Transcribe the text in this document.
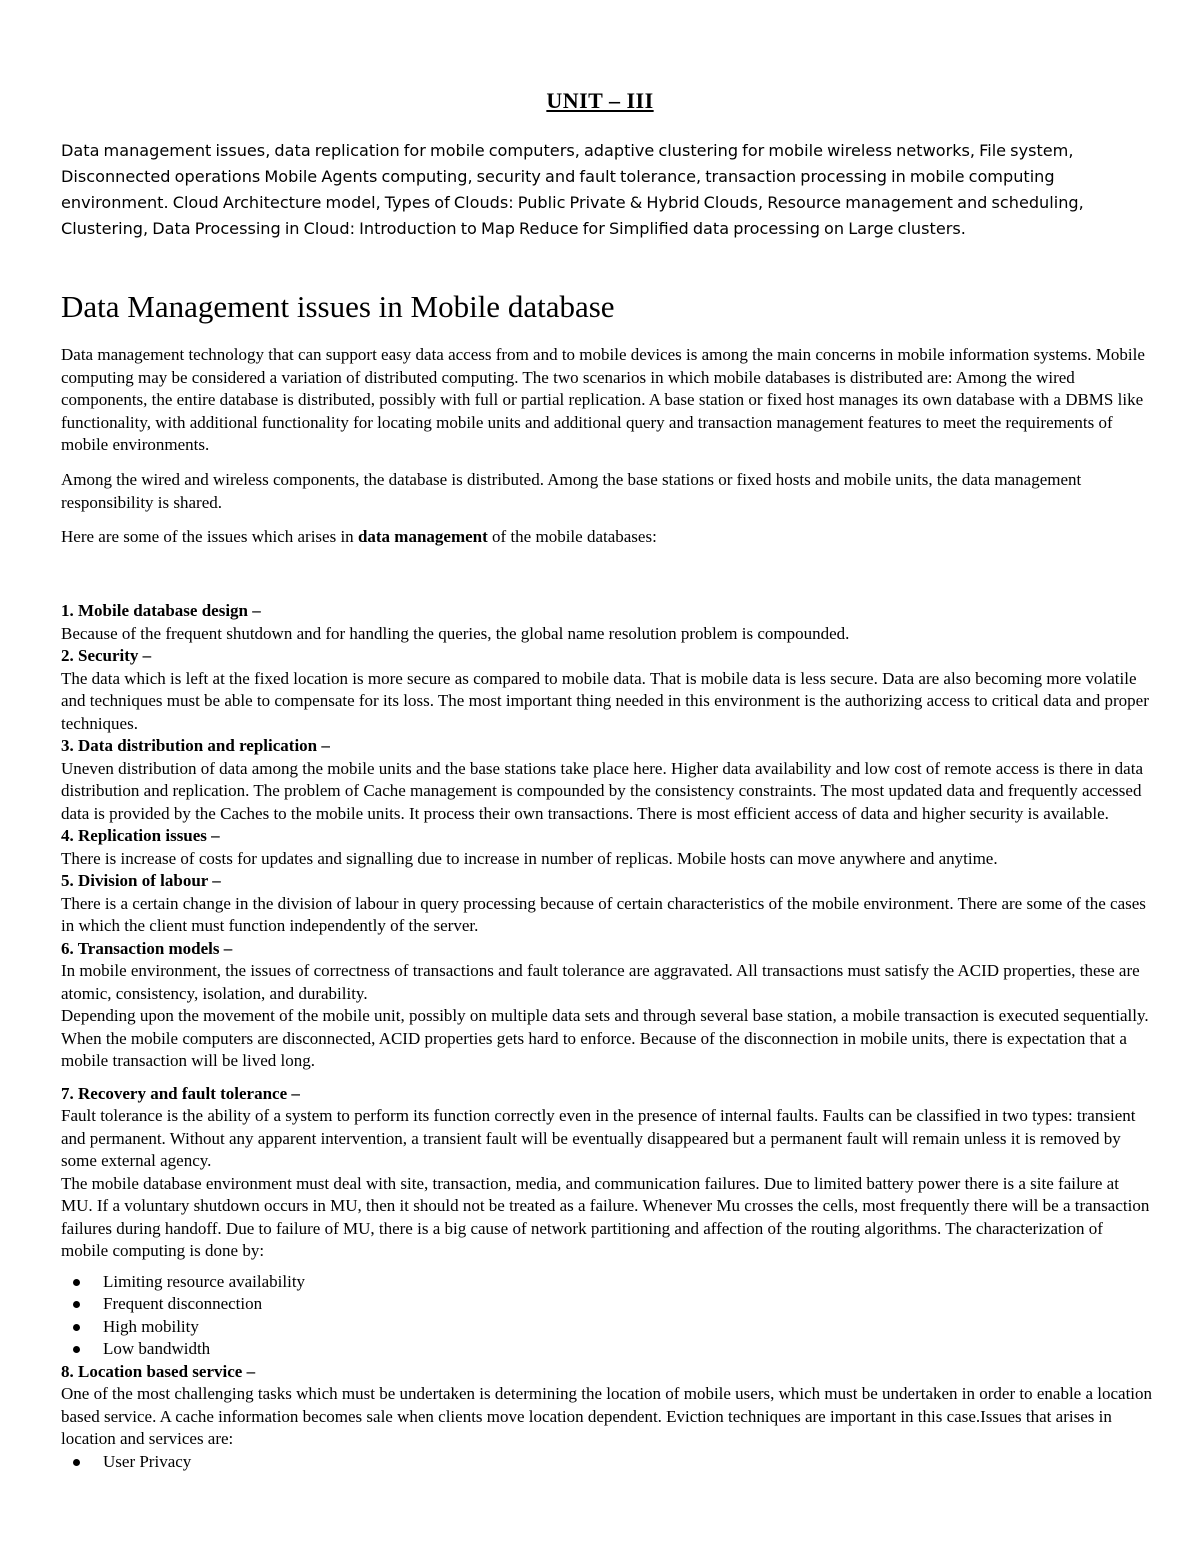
UNIT – III
Data management issues, data replication for mobile computers, adaptive clustering for mobile wireless networks, File system, Disconnected operations Mobile Agents computing, security and fault tolerance, transaction processing in mobile computing environment. Cloud Architecture model, Types of Clouds: Public Private & Hybrid Clouds, Resource management and scheduling, Clustering, Data Processing in Cloud: Introduction to Map Reduce for Simplified data processing on Large clusters.
Data Management issues in Mobile database

Data management technology that can support easy data access from and to mobile devices is among the main concerns in mobile information systems. Mobile computing may be considered a variation of distributed computing. The two scenarios in which mobile databases is distributed are: Among the wired components, the entire database is distributed, possibly with full or partial replication. A base station or fixed host manages its own database with a DBMS like functionality, with additional functionality for locating mobile units and additional query and transaction management features to meet the requirements of mobile environments.

Among the wired and wireless components, the database is distributed. Among the base stations or fixed hosts and mobile units, the data management responsibility is shared.

Here are some of the issues which arises in data management of the mobile databases:

1. Mobile database design –

Because of the frequent shutdown and for handling the queries, the global name resolution problem is compounded.

2. Security –

The data which is left at the fixed location is more secure as compared to mobile data. That is mobile data is less secure. Data are also becoming more volatile and techniques must be able to compensate for its loss. The most important thing needed in this environment is the authorizing access to critical data and proper techniques.

3. Data distribution and replication –

Uneven distribution of data among the mobile units and the base stations take place here. Higher data availability and low cost of remote access is there in data distribution and replication. The problem of Cache management is compounded by the consistency constraints. The most updated data and frequently accessed data is provided by the Caches to the mobile units. It process their own transactions. There is most efficient access of data and higher security is available.

4. Replication issues –

There is increase of costs for updates and signalling due to increase in number of replicas. Mobile hosts can move anywhere and anytime.

5. Division of labour –

There is a certain change in the division of labour in query processing because of certain characteristics of the mobile environment. There are some of the cases in which the client must function independently of the server.

6. Transaction models –

In mobile environment, the issues of correctness of transactions and fault tolerance are aggravated. All transactions must satisfy the ACID properties, these are atomic, consistency, isolation, and durability.

Depending upon the movement of the mobile unit, possibly on multiple data sets and through several base station, a mobile transaction is executed sequentially. When the mobile computers are disconnected, ACID properties gets hard to enforce. Because of the disconnection in mobile units, there is expectation that a mobile transaction will be lived long.

7. Recovery and fault tolerance –

Fault tolerance is the ability of a system to perform its function correctly even in the presence of internal faults. Faults can be classified in two types: transient and permanent. Without any apparent intervention, a transient fault will be eventually disappeared but a permanent fault will remain unless it is removed by some external agency.

The mobile database environment must deal with site, transaction, media, and communication failures. Due to limited battery power there is a site failure at MU. If a voluntary shutdown occurs in MU, then it should not be treated as a failure. Whenever Mu crosses the cells, most frequently there will be a transaction failures during handoff. Due to failure of MU, there is a big cause of network partitioning and affection of the routing algorithms. The characterization of mobile computing is done by:

Limiting resource availability
Frequent disconnection
High mobility
Low bandwidth

8. Location based service –

One of the most challenging tasks which must be undertaken is determining the location of mobile users, which must be undertaken in order to enable a location based service. A cache information becomes sale when clients move location dependent. Eviction techniques are important in this case.Issues that arises in location and services are:

User Privacy
